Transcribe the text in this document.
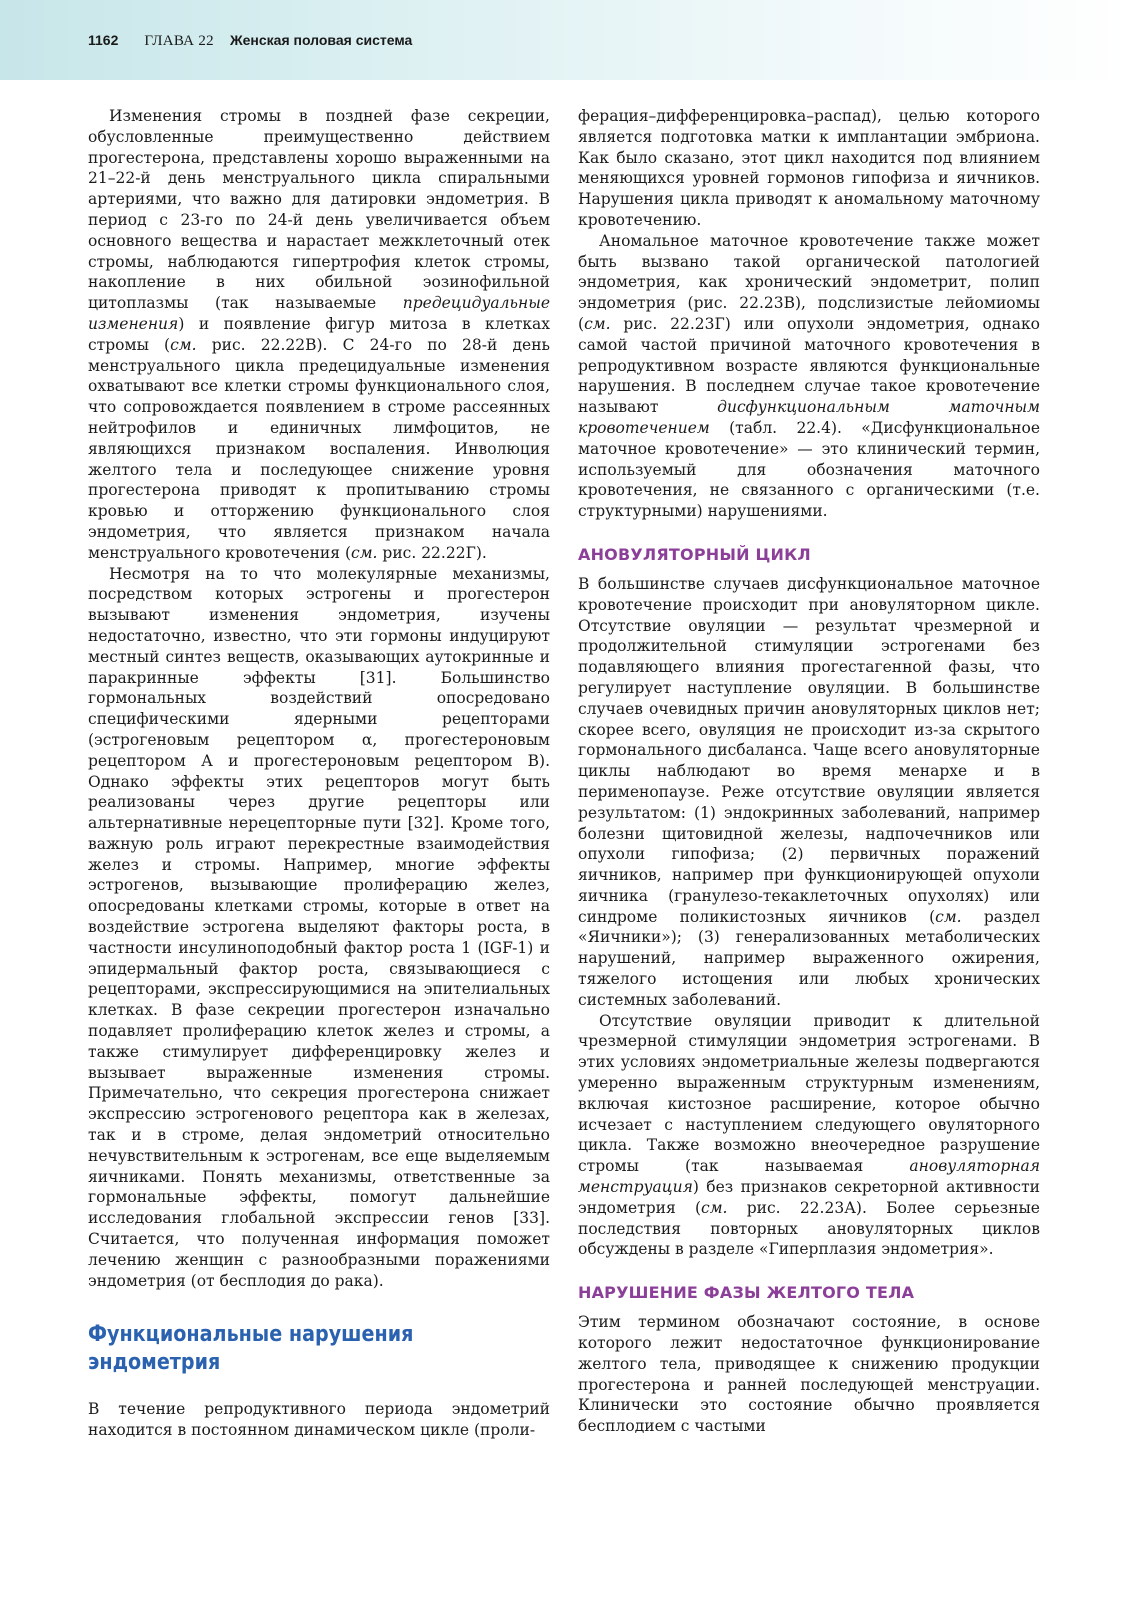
1162 ГЛАВА 22 Женская половая система

Изменения стромы в поздней фазе секреции, обусловленные преимущественно действием прогестерона, представлены хорошо выраженными на 21–22-й день менструального цикла спиральными артериями, что важно для датировки эндометрия. В период с 23-го по 24-й день увеличивается объем основного вещества и нарастает межклеточный отек стромы, наблюдаются гипертрофия клеток стромы, накопление в них обильной эозинофильной цитоплазмы (так называемые предецидуальные изменения) и появление фигур митоза в клетках стромы (см. рис. 22.22В). С 24-го по 28-й день менструального цикла предецидуальные изменения охватывают все клетки стромы функционального слоя, что сопровождается появлением в строме рассеянных нейтрофилов и единичных лимфоцитов, не являющихся признаком воспаления. Инволюция желтого тела и последующее снижение уровня прогестерона приводят к пропитыванию стромы кровью и отторжению функционального слоя эндометрия, что является признаком начала менструального кровотечения (см. рис. 22.22Г).

Несмотря на то что молекулярные механизмы, посредством которых эстрогены и прогестерон вызывают изменения эндометрия, изучены недостаточно, известно, что эти гормоны индуцируют местный синтез веществ, оказывающих аутокринные и паракринные эффекты [31]. Большинство гормональных воздействий опосредовано специфическими ядерными рецепторами (эстрогеновым рецептором α, прогестероновым рецептором А и прогестероновым рецептором В). Однако эффекты этих рецепторов могут быть реализованы через другие рецепторы или альтернативные нерецепторные пути [32]. Кроме того, важную роль играют перекрестные взаимодействия желез и стромы. Например, многие эффекты эстрогенов, вызывающие пролиферацию желез, опосредованы клетками стромы, которые в ответ на воздействие эстрогена выделяют факторы роста, в частности инсулиноподобный фактор роста 1 (IGF-1) и эпидермальный фактор роста, связывающиеся с рецепторами, экспрессирующимися на эпителиальных клетках. В фазе секреции прогестерон изначально подавляет пролиферацию клеток желез и стромы, а также стимулирует дифференцировку желез и вызывает выраженные изменения стромы. Примечательно, что секреция прогестерона снижает экспрессию эстрогенового рецептора как в железах, так и в строме, делая эндометрий относительно нечувствительным к эстрогенам, все еще выделяемым яичниками. Понять механизмы, ответственные за гормональные эффекты, помогут дальнейшие исследования глобальной экспрессии генов [33]. Считается, что полученная информация поможет лечению женщин с разнообразными поражениями эндометрия (от бесплодия до рака).

Функциональные нарушения
эндометрия

В течение репродуктивного периода эндометрий находится в постоянном динамическом цикле (проли-

ферация–дифференцировка–распад), целью которого является подготовка матки к имплантации эмбриона. Как было сказано, этот цикл находится под влиянием меняющихся уровней гормонов гипофиза и яичников. Нарушения цикла приводят к аномальному маточному кровотечению.

Аномальное маточное кровотечение также может быть вызвано такой органической патологией эндометрия, как хронический эндометрит, полип эндометрия (рис. 22.23В), подслизистые лейомиомы (см. рис. 22.23Г) или опухоли эндометрия, однако самой частой причиной маточного кровотечения в репродуктивном возрасте являются функциональные нарушения. В последнем случае такое кровотечение называют дисфункциональным маточным кровотечением (табл. 22.4). «Дисфункциональное маточное кровотечение» — это клинический термин, используемый для обозначения маточного кровотечения, не связанного с органическими (т.е. структурными) нарушениями.

АНОВУЛЯТОРНЫЙ ЦИКЛ

В большинстве случаев дисфункциональное маточное кровотечение происходит при ановуляторном цикле. Отсутствие овуляции — результат чрезмерной и продолжительной стимуляции эстрогенами без подавляющего влияния прогестагенной фазы, что регулирует наступление овуляции. В большинстве случаев очевидных причин ановуляторных циклов нет; скорее всего, овуляция не происходит из-за скрытого гормонального дисбаланса. Чаще всего ановуляторные циклы наблюдают во время менархе и в перименопаузе. Реже отсутствие овуляции является результатом: (1) эндокринных заболеваний, например болезни щитовидной железы, надпочечников или опухоли гипофиза; (2) первичных поражений яичников, например при функционирующей опухоли яичника (гранулезо-текаклеточных опухолях) или синдроме поликистозных яичников (см. раздел «Яичники»); (3) генерализованных метаболических нарушений, например выраженного ожирения, тяжелого истощения или любых хронических системных заболеваний.

Отсутствие овуляции приводит к длительной чрезмерной стимуляции эндометрия эстрогенами. В этих условиях эндометриальные железы подвергаются умеренно выраженным структурным изменениям, включая кистозное расширение, которое обычно исчезает с наступлением следующего овуляторного цикла. Также возможно внеочередное разрушение стромы (так называемая ановуляторная менструация) без признаков секреторной активности эндометрия (см. рис. 22.23А). Более серьезные последствия повторных ановуляторных циклов обсуждены в разделе «Гиперплазия эндометрия».

НАРУШЕНИЕ ФАЗЫ ЖЕЛТОГО ТЕЛА

Этим термином обозначают состояние, в основе которого лежит недостаточное функционирование желтого тела, приводящее к снижению продукции прогестерона и ранней последующей менструации. Клинически это состояние обычно проявляется бесплодием с частыми
